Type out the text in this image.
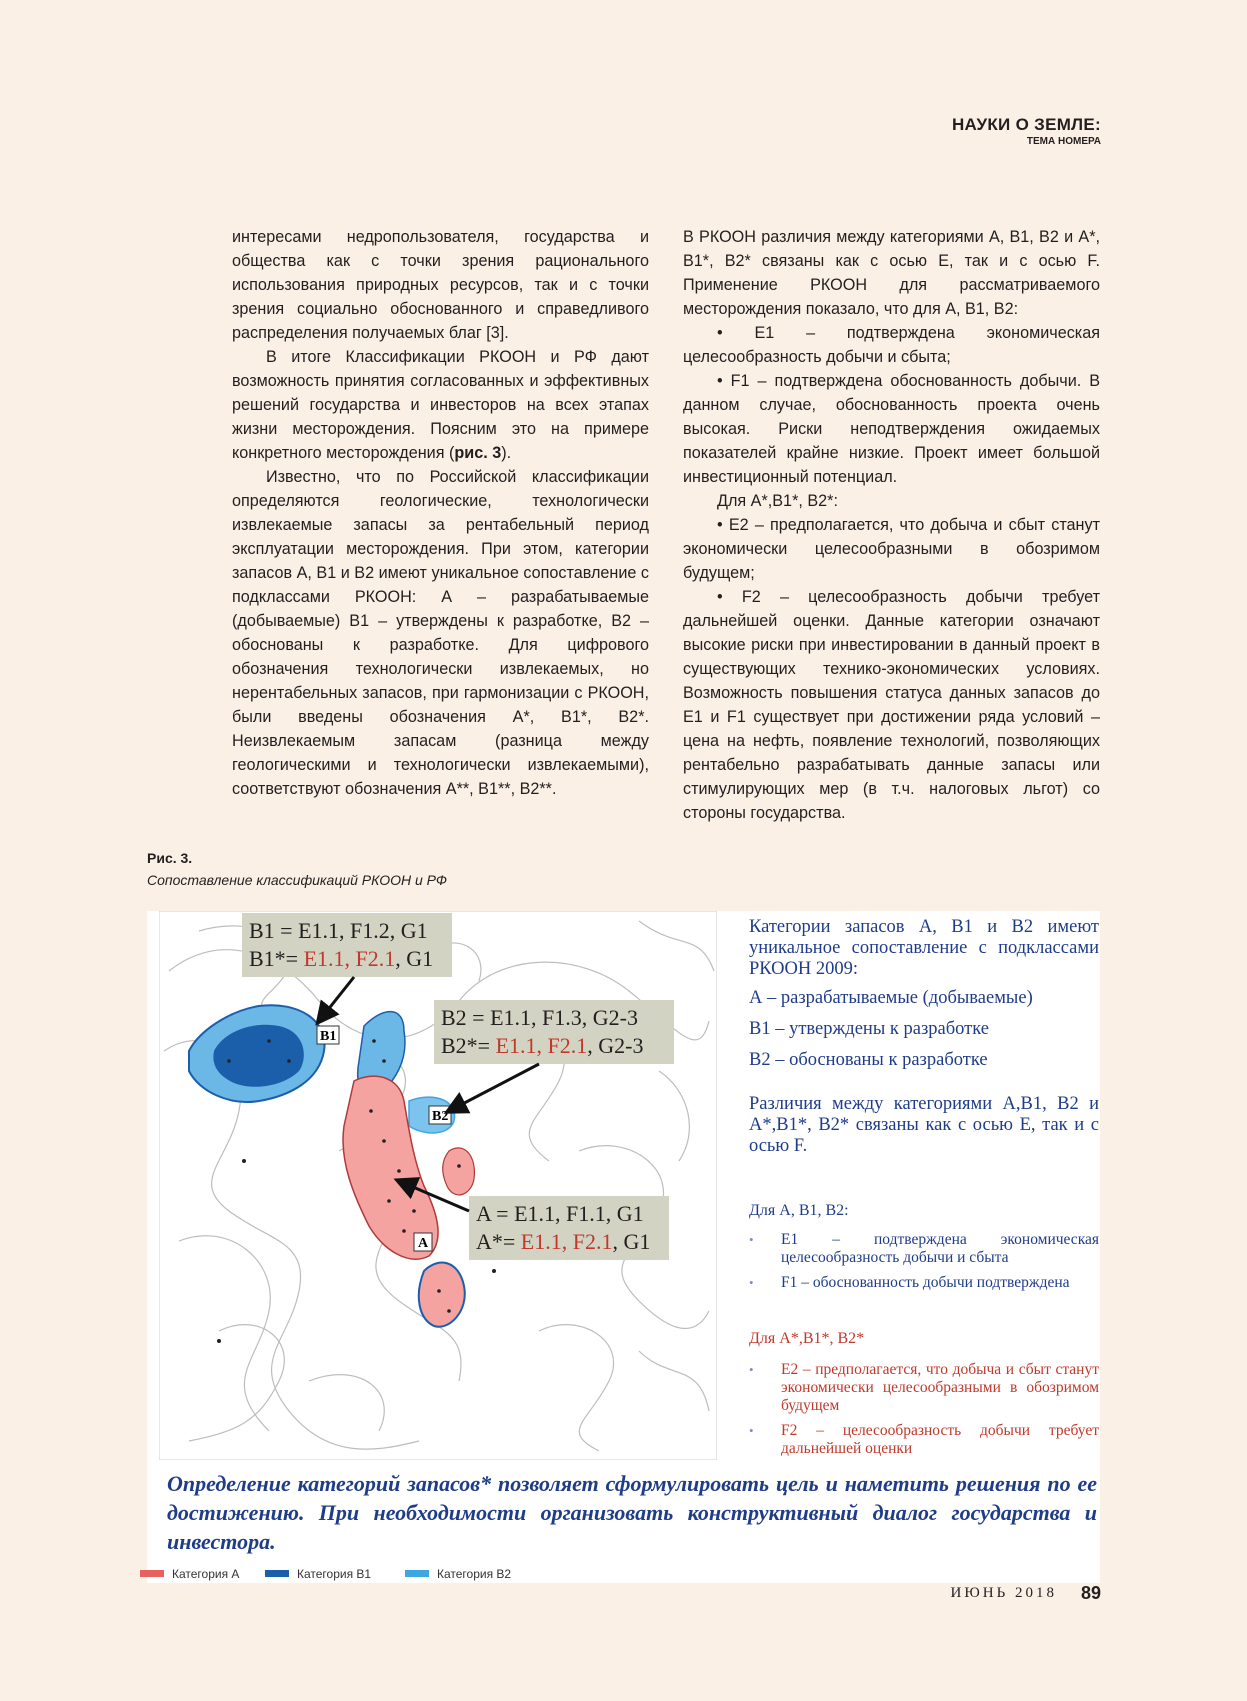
НАУКИ О ЗЕМЛЕ:
ТЕМА НОМЕРА

интересами недропользователя, государства и общества как с точки зрения рационального использования природных ресурсов, так и с точки зрения социально обоснованного и справедливого распределения получаемых благ [3].

В итоге Классификации РКООН и РФ дают возможность принятия согласованных и эффективных решений государства и инвесторов на всех этапах жизни месторождения. Поясним это на примере конкретного месторождения (рис. 3).

Известно, что по Российской классификации определяются геологические, технологически извлекаемые запасы за рентабельный период эксплуатации месторождения. При этом, категории запасов А, В1 и В2 имеют уникальное сопоставление с подклассами РКООН: А – разрабатываемые (добываемые) В1 – утверждены к разработке, В2 – обоснованы к разработке. Для цифрового обозначения технологически извлекаемых, но нерентабельных запасов, при гармонизации с РКООН, были введены обозначения А*, В1*, В2*. Неизвлекаемым запасам (разница между геологическими и технологически извлекаемыми), соответствуют обозначения А**, В1**, В2**.

В РКООН различия между категориями А, В1, В2 и А*, В1*, В2* связаны как с осью Е, так и с осью F. Применение РКООН для рассматриваемого месторождения показало, что для А, В1, В2:

• Е1 – подтверждена экономическая целесообразность добычи и сбыта;

• F1 – подтверждена обоснованность добычи. В данном случае, обоснованность проекта очень высокая. Риски неподтверждения ожидаемых показателей крайне низкие. Проект имеет большой инвестиционный потенциал.

Для А*,В1*, В2*:

• Е2 – предполагается, что добыча и сбыт станут экономически целесообразными в обозримом будущем;

• F2 – целесообразность добычи требует дальнейшей оценки. Данные категории означают высокие риски при инвестировании в данный проект в существующих технико-экономических условиях. Возможность повышения статуса данных запасов до Е1 и F1 существует при достижении ряда условий – цена на нефть, появление технологий, позволяющих рентабельно разрабатывать данные запасы или стимулирующих мер (в т.ч. налоговых льгот) со стороны государства.

Рис. 3.
Сопоставление классификаций РКООН и РФ
B1
B2
A
B1 = E1.1, F1.2, G1
B1*= E1.1, F2.1, G1
B2 = E1.1, F1.3, G2-3
B2*= E1.1, F2.1, G2-3
A = E1.1, F1.1, G1
A*= E1.1, F2.1, G1
Категории запасов А, В1 и В2 имеют уникальное сопоставление с подклассами РКООН 2009:
А – разрабатываемые (добываемые)
В1 – утверждены к разработке
В2 – обоснованы к разработке
Различия между категориями А,В1, В2 и А*,В1*, В2* связаны как с осью Е, так и с осью F.
Для А, В1, В2:
• Е1 – подтверждена экономическая целесообразность добычи и сбыта
• F1 – обоснованность добычи подтверждена
Для А*,В1*, В2*
• Е2 – предполагается, что добыча и сбыт станут экономически целесообразными в обозримом будущем
• F2 – целесообразность добычи требует дальнейшей оценки
Определение категорий запасов* позволяет сформулировать цель и наметить решения по ее достижению. При необходимости организовать конструктивный диалог государства и инвестора.
Категория А	Категория В1	Категория В2
ИЮНЬ 2018 89
